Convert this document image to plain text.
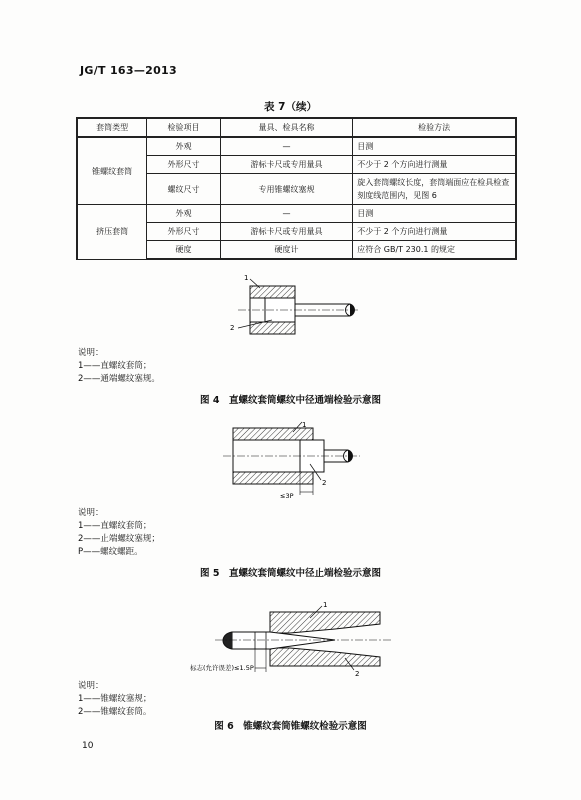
JG/T 163—2013
表 7（续）
套筒类型	检验项目	量具、检具名称	检验方法
锥螺纹套筒	外观	—	目测
	外形尺寸	游标卡尺或专用量具	不少于 2 个方向进行测量
	螺纹尺寸	专用锥螺纹塞规	旋入套筒螺纹长度，套筒端面应在检具检查刻度线范围内，见图 6
挤压套筒	外观	—	目测
	外形尺寸	游标卡尺或专用量具	不少于 2 个方向进行测量
	硬度	硬度计	应符合 GB/T 230.1 的规定
1
2
说明：
1——直螺纹套筒；
2——通端螺纹塞规。
图 4　直螺纹套筒螺纹中径通端检验示意图
1
2
≤3P
说明：
1——直螺纹套筒；
2——止端螺纹塞规；
P——螺纹螺距。
图 5　直螺纹套筒螺纹中径止端检验示意图
1
2
标志(允许误差)≤1.5P
说明：
1——锥螺纹塞规；
2——锥螺纹套筒。
图 6　锥螺纹套筒锥螺纹检验示意图
10
